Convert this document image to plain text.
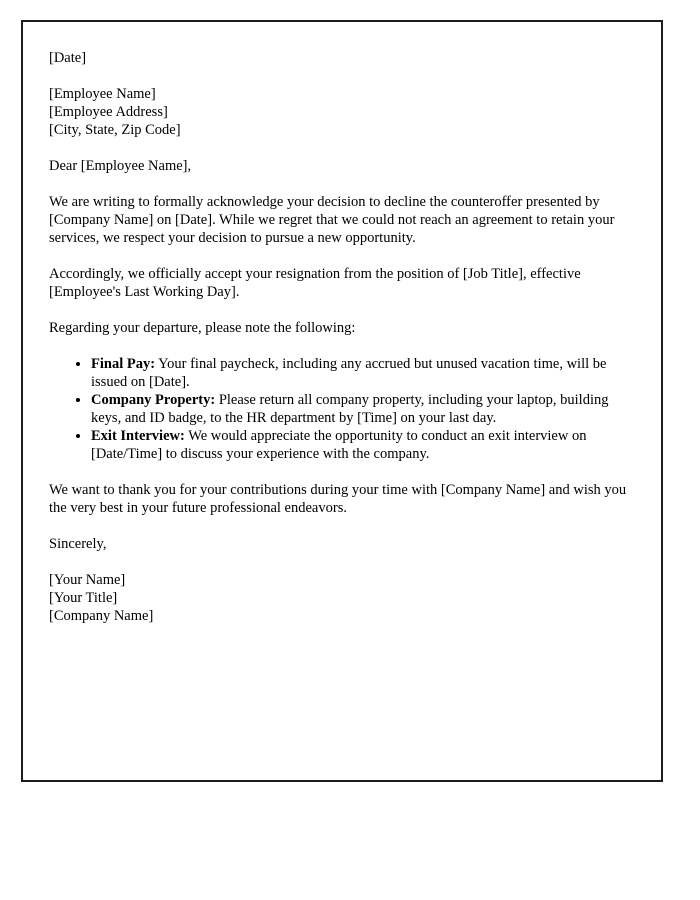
[Date]

[Employee Name]

[Employee Address]

[City, State, Zip Code]

Dear [Employee Name],

We are writing to formally acknowledge your decision to decline the counteroffer presented by [Company Name] on [Date]. While we regret that we could not reach an agreement to retain your services, we respect your decision to pursue a new opportunity.

Accordingly, we officially accept your resignation from the position of [Job Title], effective [Employee's Last Working Day].

Regarding your departure, please note the following:

• Final Pay: Your final paycheck, including any accrued but unused vacation time, will be issued on [Date].
• Company Property: Please return all company property, including your laptop, building keys, and ID badge, to the HR department by [Time] on your last day.
• Exit Interview: We would appreciate the opportunity to conduct an exit interview on [Date/Time] to discuss your experience with the company.

We want to thank you for your contributions during your time with [Company Name] and wish you the very best in your future professional endeavors.

Sincerely,

[Your Name]

[Your Title]

[Company Name]
